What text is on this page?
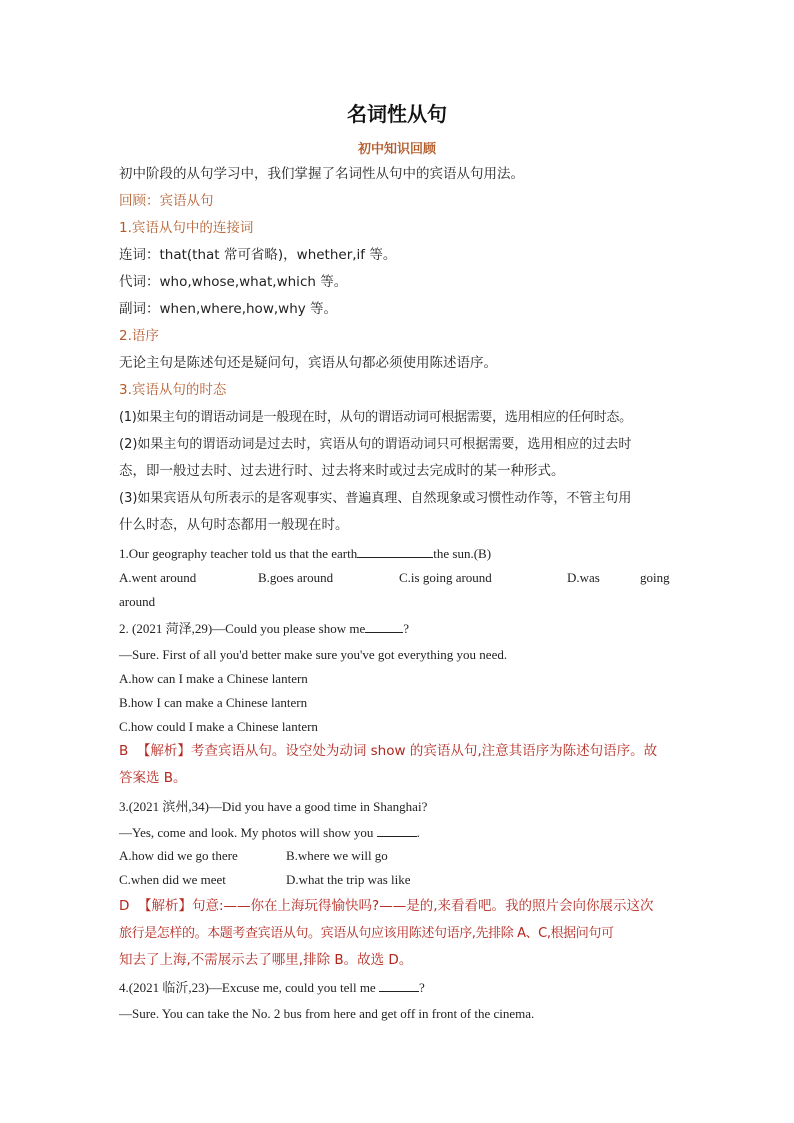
名词性从句
初中知识回顾
初中阶段的从句学习中，我们掌握了名词性从句中的宾语从句用法。
回顾：宾语从句
1.宾语从句中的连接词
连词：that(that 常可省略)，whether,if 等。
代词：who,whose,what,which 等。
副词：when,where,how,why 等。
2.语序
无论主句是陈述句还是疑问句，宾语从句都必须使用陈述语序。
3.宾语从句的时态
(1)如果主句的谓语动词是一般现在时，从句的谓语动词可根据需要，选用相应的任何时态。
(2)如果主句的谓语动词是过去时，宾语从句的谓语动词只可根据需要，选用相应的过去时
态，即一般过去时、过去进行时、过去将来时或过去完成时的某一种形式。
(3)如果宾语从句所表示的是客观事实、普遍真理、自然现象或习惯性动作等，不管主句用
什么时态，从句时态都用一般现在时。
1.Our geography teacher told us that the earth	the sun.(B)
A.went around	B.goes around	C.is going around	D.was	going
around
2. (2021 菏泽,29)—Could you please show me	?
—Sure. First of all you'd better make sure you've got everything you need.
A.how can I make a Chinese lantern
B.how I can make a Chinese lantern
C.how could I make a Chinese lantern
B 【解析】考查宾语从句。设空处为动词 show 的宾语从句,注意其语序为陈述句语序。故
答案选 B。
3.(2021 滨州,34)—Did you have a good time in Shanghai?
—Yes, come and look. My photos will show you	.
A.how did we go there	B.where we will go
C.when did we meet	D.what the trip was like
D 【解析】句意:——你在上海玩得愉快吗?——是的,来看看吧。我的照片会向你展示这次
旅行是怎样的。本题考查宾语从句。宾语从句应该用陈述句语序,先排除 A、C,根据问句可
知去了上海,不需展示去了哪里,排除 B。故选 D。
4.(2021 临沂,23)—Excuse me, could you tell me	?
—Sure. You can take the No. 2 bus from here and get off in front of the cinema.
